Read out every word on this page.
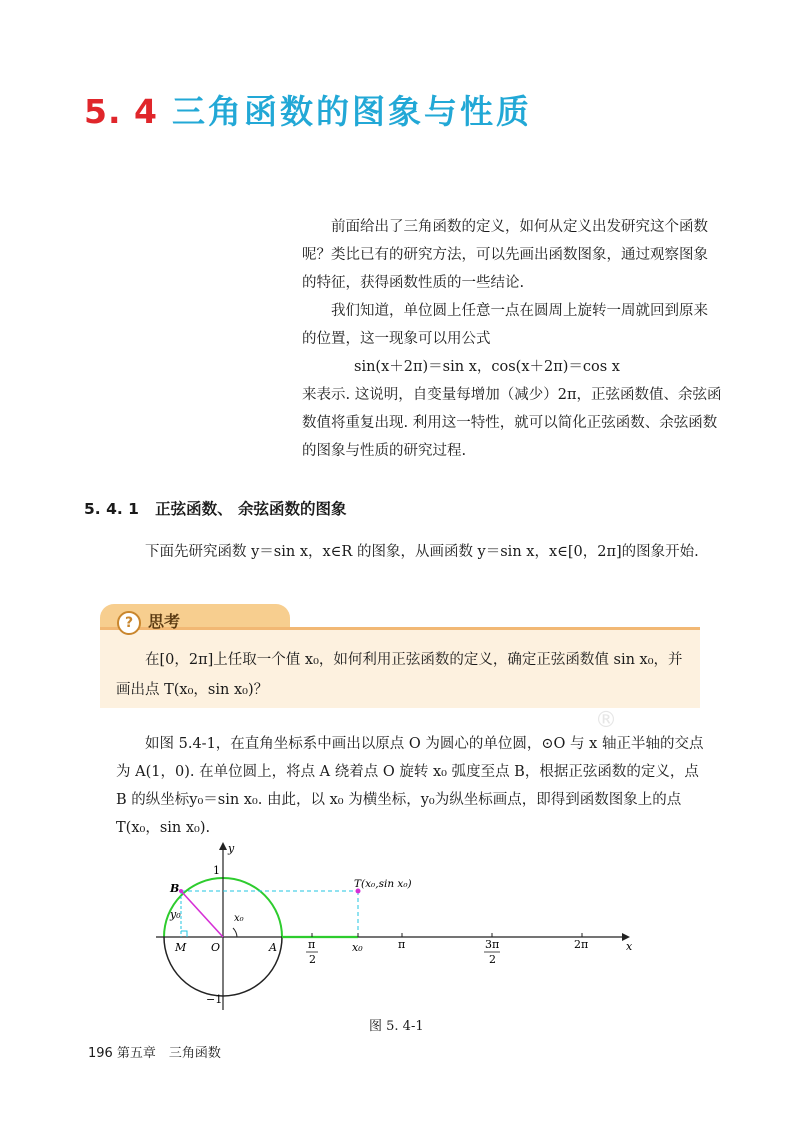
5. 4 三角函数的图象与性质

前面给出了三角函数的定义，如何从定义出发研究这个函数呢？类比已有的研究方法，可以先画出函数图象，通过观察图象的特征，获得函数性质的一些结论.

我们知道，单位圆上任意一点在圆周上旋转一周就回到原来的位置，这一现象可以用公式

sin(x＋2π)＝sin x，cos(x＋2π)＝cos x

来表示. 这说明，自变量每增加（减少）2π，正弦函数值、余弦函数值将重复出现. 利用这一特性，就可以简化正弦函数、余弦函数的图象与性质的研究过程.

5. 4. 1 正弦函数、 余弦函数的图象

下面先研究函数 y＝sin x，x∈R 的图象，从画函数 y＝sin x，x∈[0，2π]的图象开始.

? 思考

在[0，2π]上任取一个值 x₀，如何利用正弦函数的定义，确定正弦函数值 sin x₀，并画出点 T(x₀，sin x₀)？

®

如图 5.4-1，在直角坐标系中画出以原点 O 为圆心的单位圆，⊙O 与 x 轴正半轴的交点为 A(1，0). 在单位圆上，将点 A 绕着点 O 旋转 x₀ 弧度至点 B，根据正弦函数的定义，点 B 的纵坐标y₀＝sin x₀. 由此，以 x₀ 为横坐标，y₀为纵坐标画点，即得到函数图象上的点 T(x₀，sin x₀).

y
x
1
−1
B
y₀
M O	A
x₀
T(x₀,sin x₀)
x₀
π
2
π	3π
2
2π
图 5. 4-1
196 第五章　三角函数
